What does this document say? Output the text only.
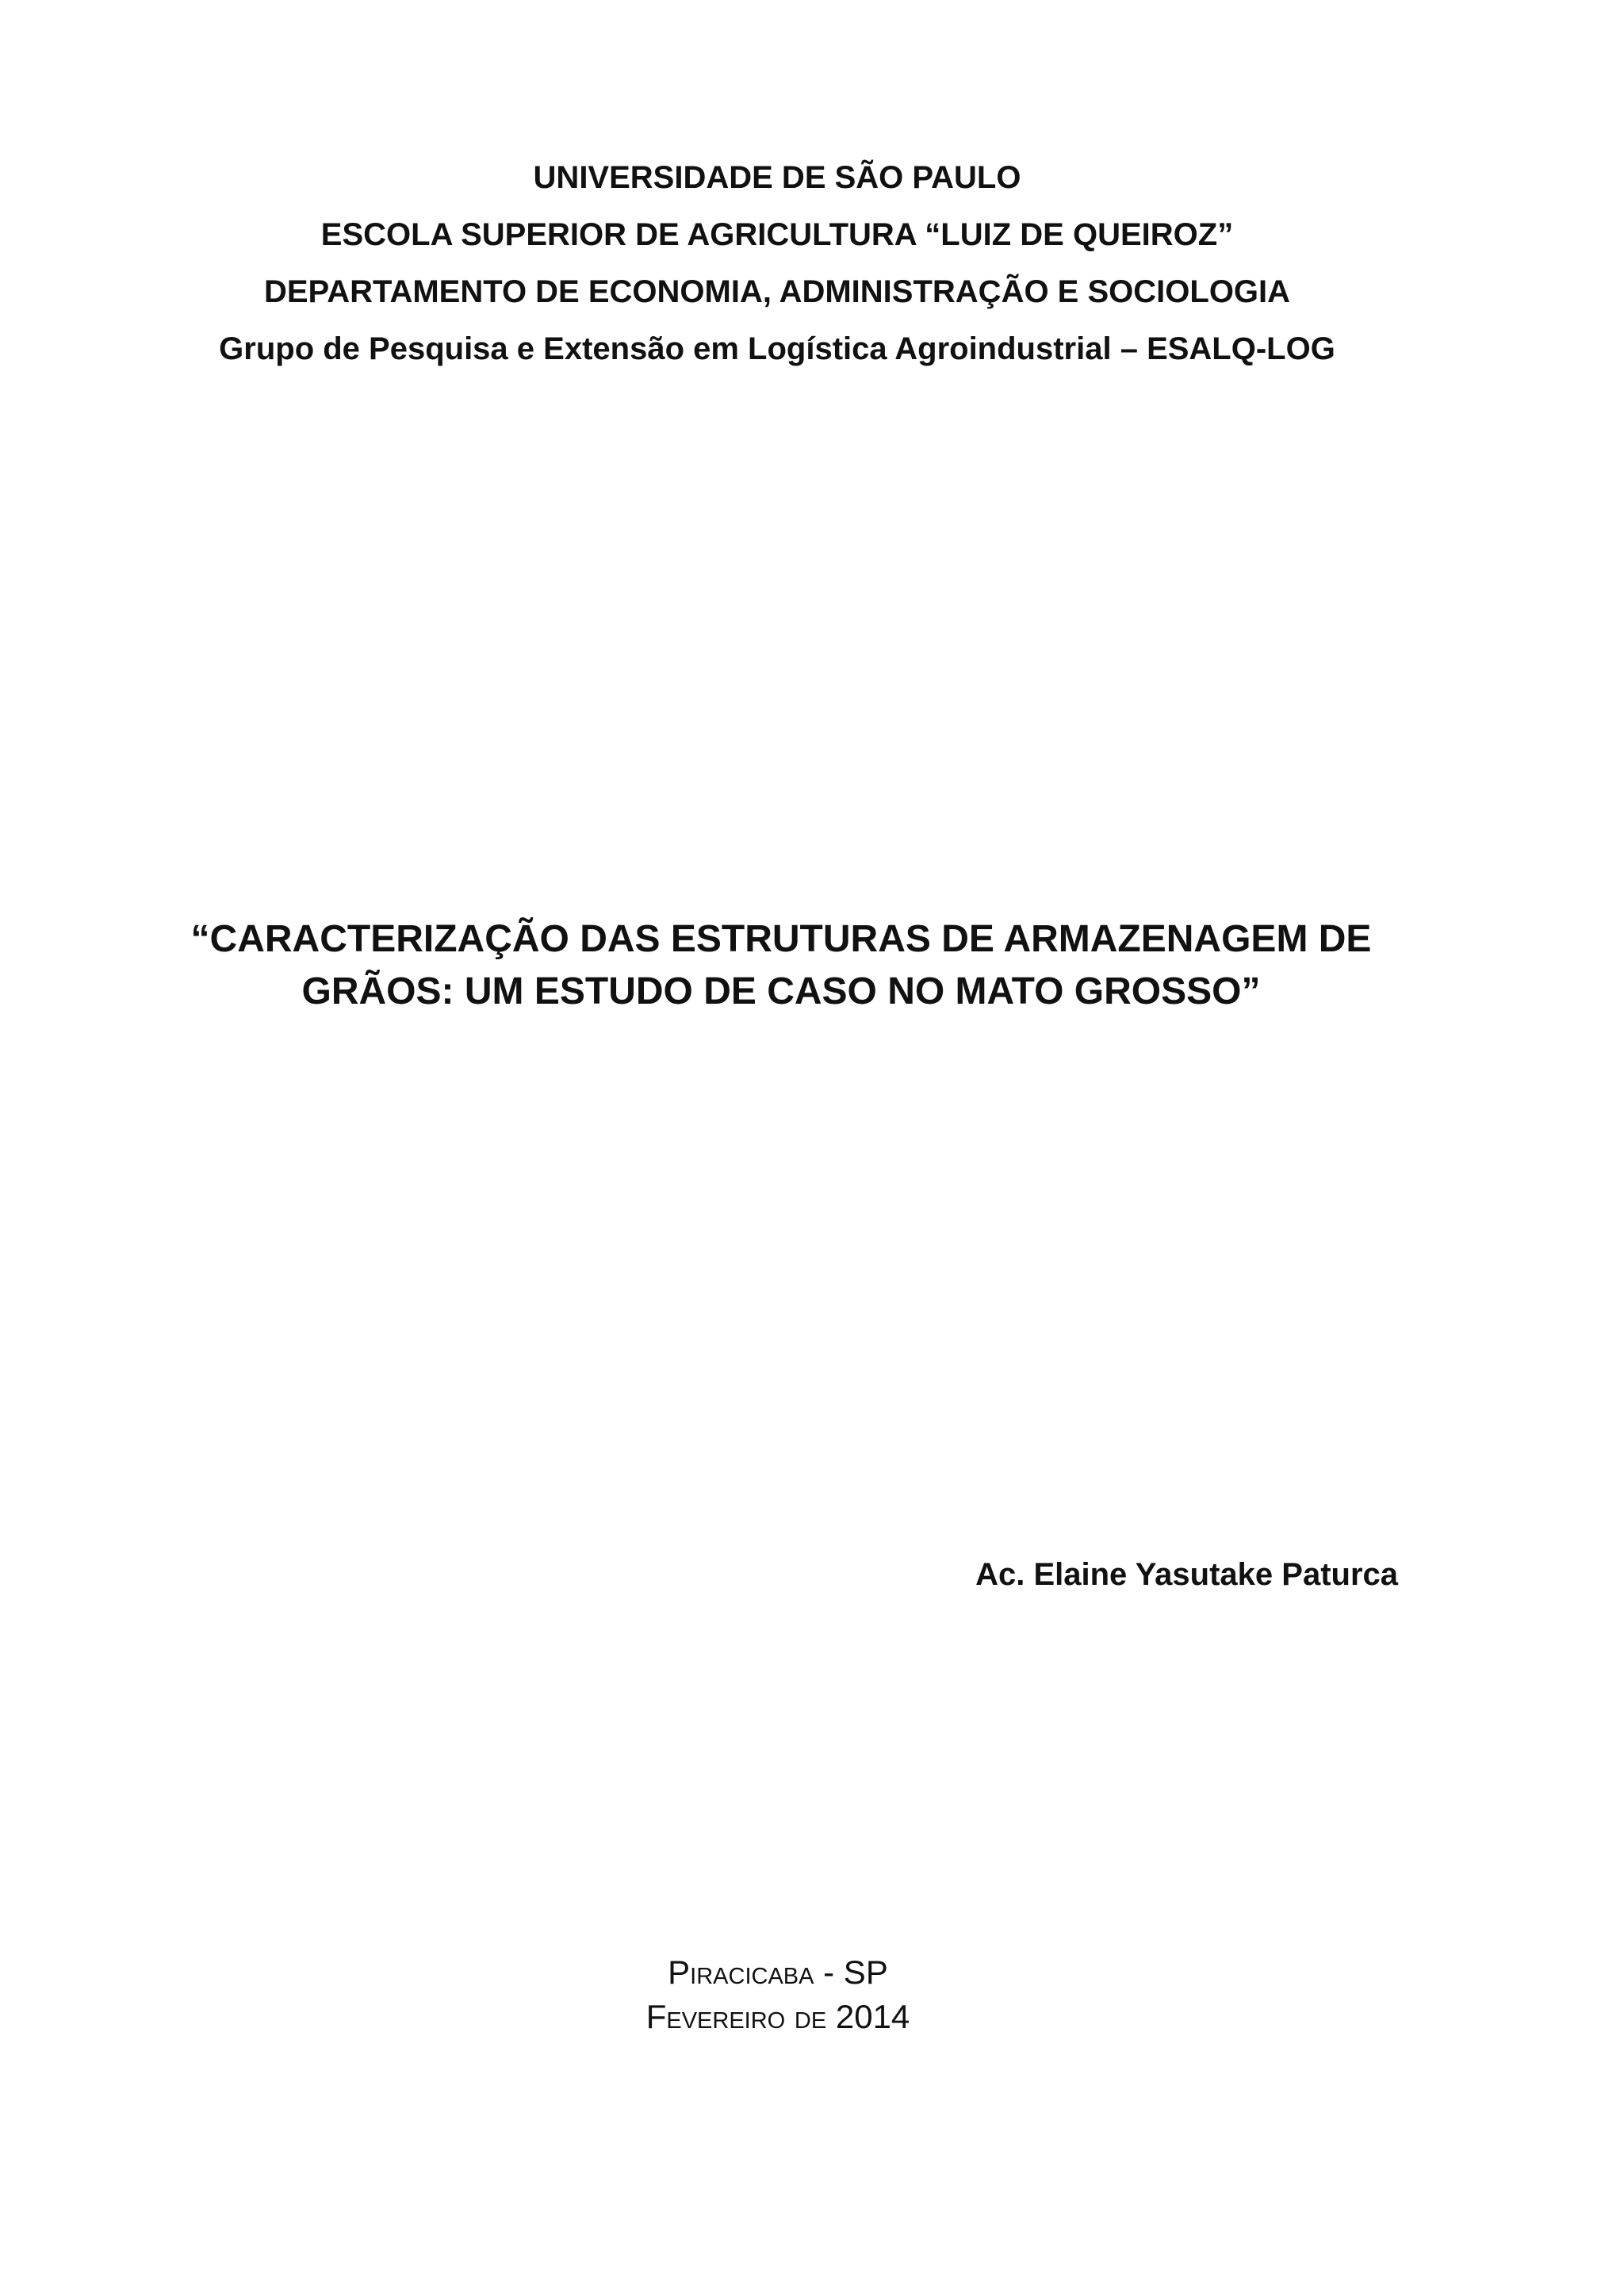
UNIVERSIDADE DE SÃO PAULO
ESCOLA SUPERIOR DE AGRICULTURA “LUIZ DE QUEIROZ”
DEPARTAMENTO DE ECONOMIA, ADMINISTRAÇÃO E SOCIOLOGIA
Grupo de Pesquisa e Extensão em Logística Agroindustrial – ESALQ-LOG
“CARACTERIZAÇÃO DAS ESTRUTURAS DE ARMAZENAGEM DE
GRÃOS: UM ESTUDO DE CASO NO MATO GROSSO”
Ac. Elaine Yasutake Paturca
Piracicaba - SP
Fevereiro de 2014
